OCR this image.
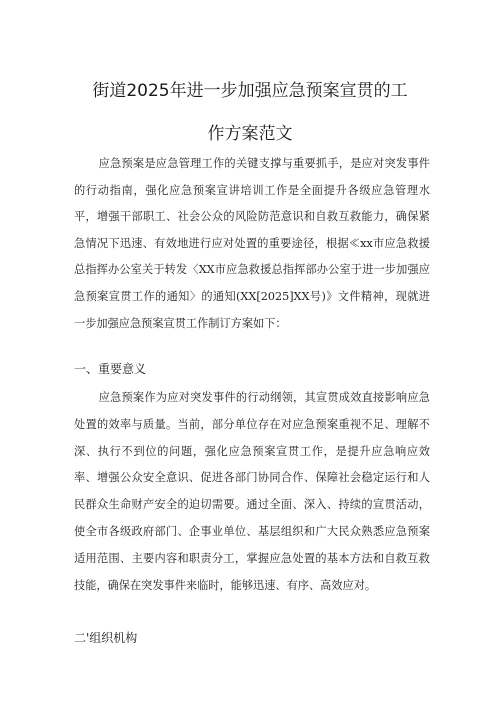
街道2025年进一步加强应急预案宣贯的工
作方案范文

应急预案是应急管理工作的关键支撑与重要抓手，是应对突发事件的行动指南，强化应急预案宣讲培训工作是全面提升各级应急管理水平，增强干部职工、社会公众的风险防范意识和自救互救能力，确保紧急情况下迅速、有效地进行应对处置的重要途径，根据≪xx市应急救援总指挥办公室关于转发〈XX市应急救援总指挥部办公室于进一步加强应急预案宣贯工作的通知〉的通知(XX[2025]XX号)》文件精神，现就进一步加强应急预案宣贯工作制订方案如下：

一、重要意义

应急预案作为应对突发事件的行动纲领，其宣贯成效直接影响应急处置的效率与质量。当前，部分单位存在对应急预案重视不足、理解不深、执行不到位的问题，强化应急预案宣贯工作，是提升应急响应效率、增强公众安全意识、促进各部门协同合作、保障社会稳定运行和人民群众生命财产安全的迫切需要。通过全面、深入、持续的宣贯活动，使全市各级政府部门、企事业单位、基层组织和广大民众熟悉应急预案适用范围、主要内容和职责分工，掌握应急处置的基本方法和自救互救技能，确保在突发事件来临时，能够迅速、有序、高效应对。

二'组织机构
